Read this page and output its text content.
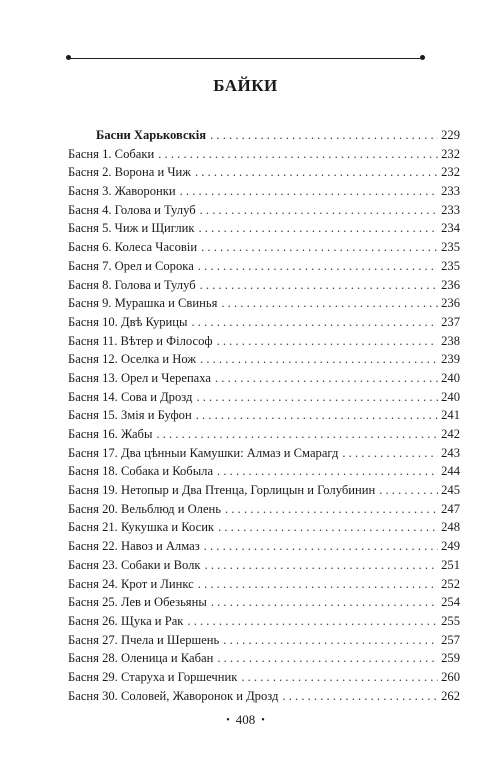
БАЙКИ
Басни Харьковскія . . .	229
Басня 1. Собаки . . .	232
Басня 2. Ворона и Чиж . . .	232
Басня 3. Жаворонки . . .	233
Басня 4. Голова и Тулуб . . .	233
Басня 5. Чиж и Щиглик . . .	234
Басня 6. Колеса Часовіи . . .	235
Басня 7. Орел и Сорока . . .	235
Басня 8. Голова и Тулуб . . .	236
Басня 9. Мурашка и Свинья . . .	236
Басня 10. Двѣ Курицы . . .	237
Басня 11. Вѣтер и Філософ . . .	238
Басня 12. Оселка и Нож . . .	239
Басня 13. Орел и Черепаха . . .	240
Басня 14. Сова и Дрозд . . .	240
Басня 15. Змія и Буфон . . .	241
Басня 16. Жабы . . .	242
Басня 17. Два цѣнныи Камушки: Алмаз и Смарагд . . .	243
Басня 18. Собака и Кобыла . . .	244
Басня 19. Нетопыр и Два Птенца, Горлицын и Голубинин . . .	245
Басня 20. Вельблюд и Олень . . .	247
Басня 21. Кукушка и Косик . . .	248
Басня 22. Навоз и Алмаз . . .	249
Басня 23. Собаки и Волк . . .	251
Басня 24. Крот и Линкс . . .	252
Басня 25. Лев и Обезьяны . . .	254
Басня 26. Щука и Рак . . .	255
Басня 27. Пчела и Шершень . . .	257
Басня 28. Оленица и Кабан . . .	259
Басня 29. Старуха и Горшечник . . .	260
Басня 30. Соловей, Жаворонок и Дрозд . . .	262
• 408 •
